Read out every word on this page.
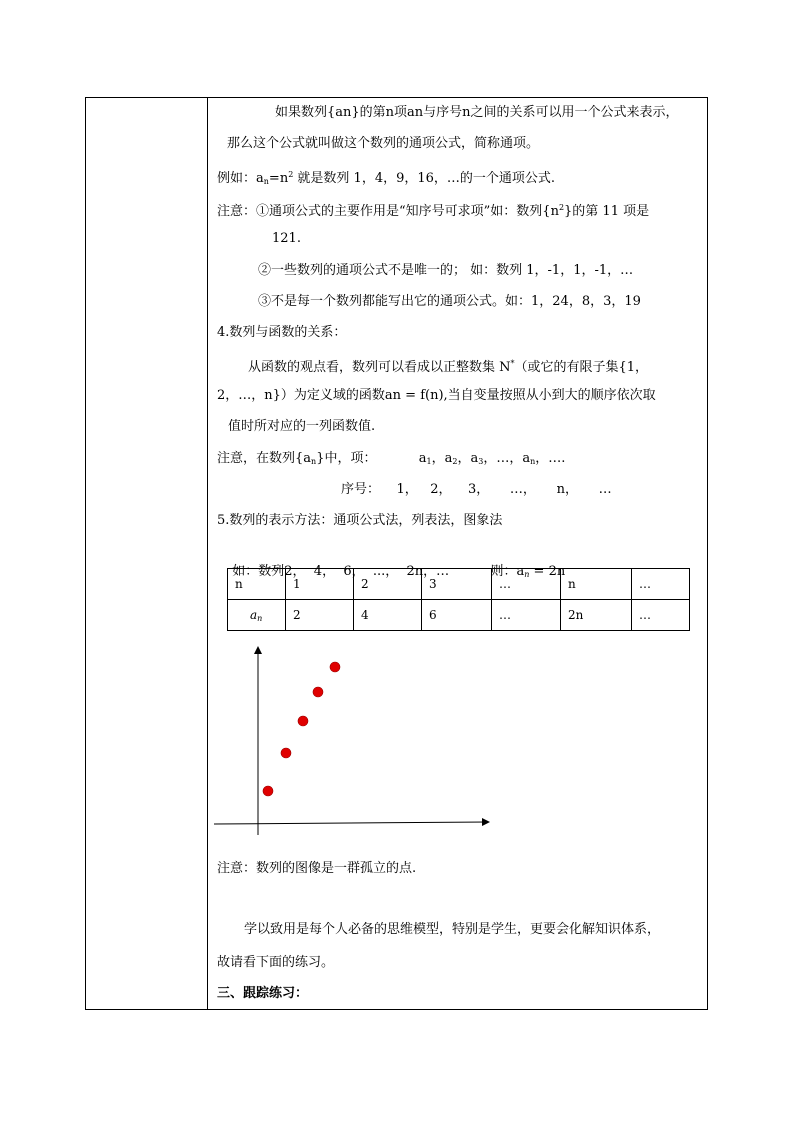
如果数列{an}的第n项an与序号n之间的关系可以用一个公式来表示，
那么这个公式就叫做这个数列的通项公式，简称通项。
例如：$a_n=n^2$ 就是数列 1，4，9，16，…的一个通项公式.
注意：①通项公式的主要作用是“知序号可求项”如：数列$\{n^2\}$的第 11 项是
121.
②一些数列的通项公式不是唯一的； 如：数列 1，-1，1，-1，…
③不是每一个数列都能写出它的通项公式。如：1，24，8，3，19
4.数列与函数的关系：
从函数的观点看，数列可以看成以正整数集 N*（或它的有限子集{1，
2，…，n}）为定义域的函数an = f(n),当自变量按照从小到大的顺序依次取
值时所对应的一列函数值.
注意，在数列$\{a_n\}$中，项：	$a_1$，$a_2$，$a_3$，…，$a_n$，….
序号：    1，   2，    3，     …，     n，     …
5.数列的表示方法：通项公式法，列表法，图象法

如：数列2，  4，  6，  ...，  2n，…          则：$a_n = 2n$

n	1	2	3	…	n	…
$a_n$	2	4	6	…	2n	…
注意：数列的图像是一群孤立的点.
学以致用是每个人必备的思维模型，特别是学生，更要会化解知识体系，
故请看下面的练习。
三、跟踪练习：
